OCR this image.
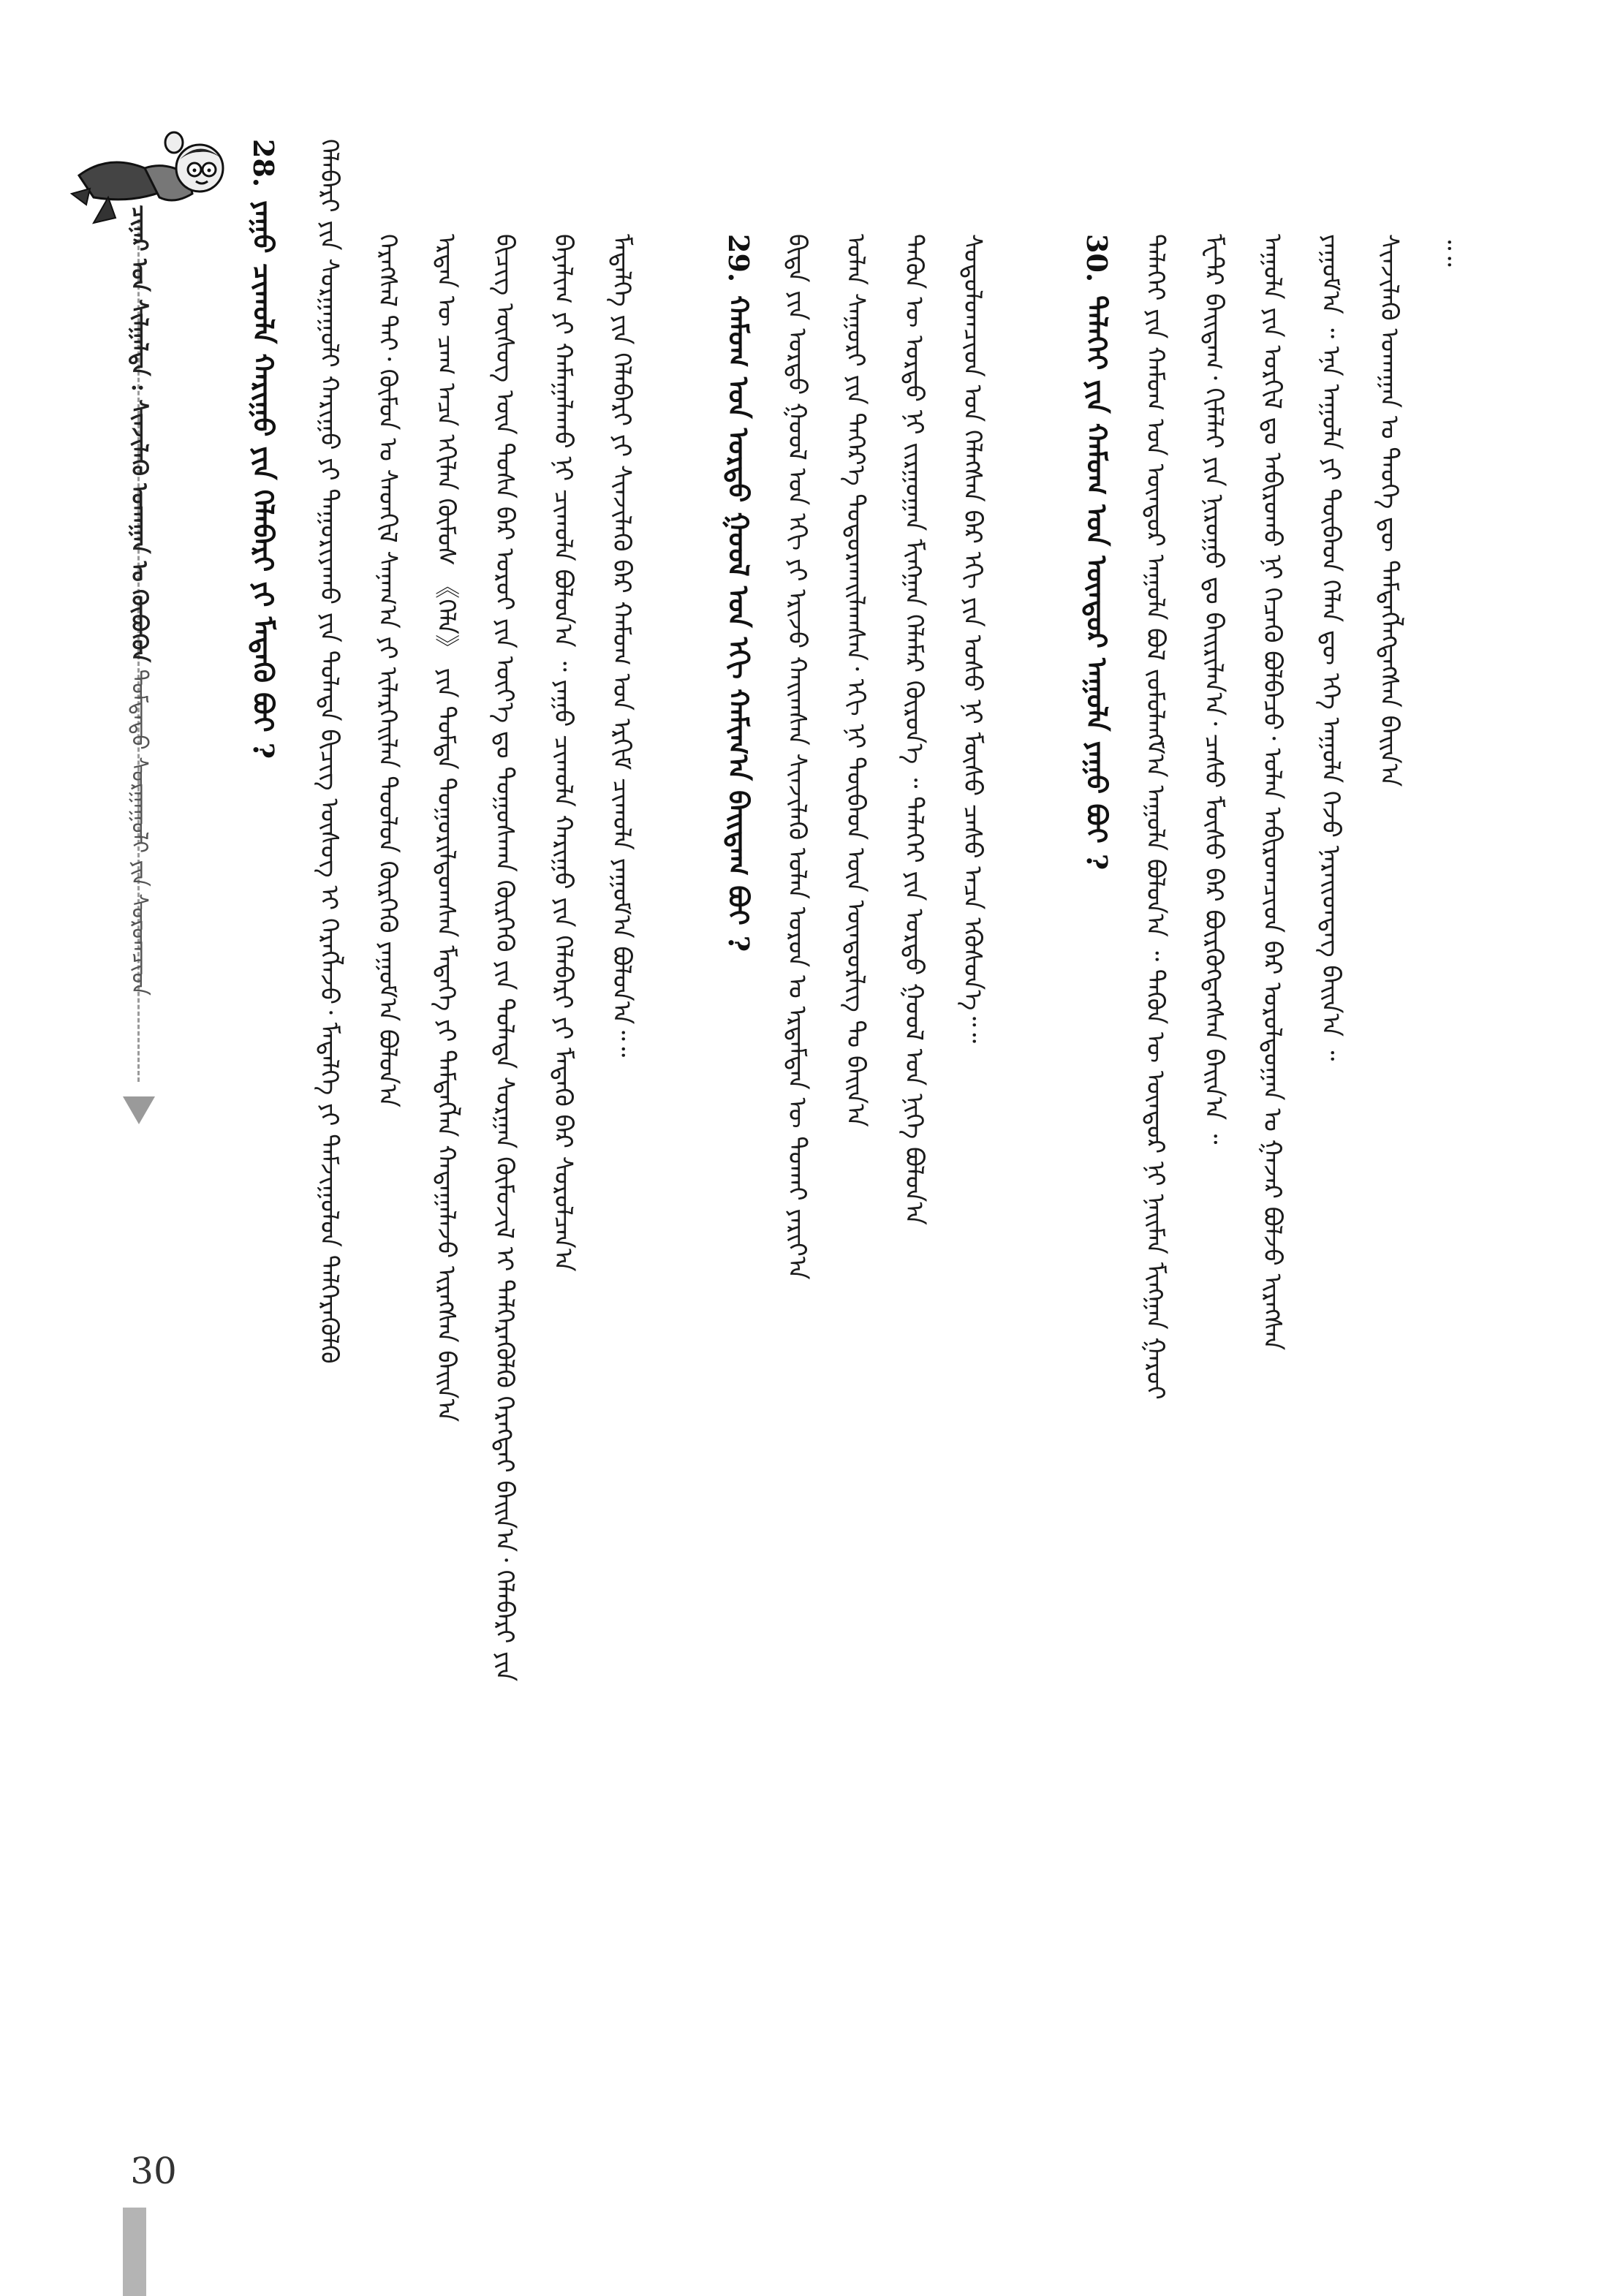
ᠴᠢᠨᠠᠷ ᠤᠨ ᠰᠢᠯᠭᠠᠯᠲᠠ : ᠰᠢᠨᠵᠢᠯᠡᠬᠦ ᠤᠬᠠᠭᠠᠨ ᠤ ᠬᠥᠪᠦᠭᠦᠨ ᠳᠤᠮᠳᠠᠳᠤ ᠰᠤᠷᠭᠠᠭᠤᠯᠢ ᠶᠢᠨ ᠰᠤᠷᠤᠭᠴᠢᠳ
28.ᠶᠠᠭᠤ ᠴᠢᠬᠤᠯᠠ ᠬᠠᠷᠢᠭᠤ ᠶᠢᠨ ᠬᠡᠯᠡᠪᠡᠷᠢ ᠶᠢ ᠮᠡᠳᠡᠬᠦ ᠪᠤᠢ? ᠬᠡᠯᠡᠪᠡᠷᠢ ᠶᠢᠨ ᠰᠤᠷᠭᠠᠭᠤᠯᠢ ᠬᠠᠷᠢᠭᠤ ᠶᠢ ᠳᠠᠭᠤᠷᠢᠶᠠᠬᠤ ᠶᠢᠨ ᠲᠤᠯᠠᠳᠠ ᠪᠢᠴᠢᠭ ᠦᠰᠦᠭ ᠢ ᠬᠡᠷᠡᠭᠯᠡᠵᠦ᠂ ᠮᠡᠳᠡᠯᠭᠡ ᠶᠢ ᠳᠠᠮᠵᠢᠭᠤᠯᠤᠨ ᠳᠡᠯᠭᠡᠷᠡᠭᠦᠯᠬᠦ ᠬᠡᠷᠡᠭᠰᠡᠯ ᠲᠠᠢ᠂ ᠬᠦᠮᠦᠨ ᠤ ᠰᠡᠳᠬᠢᠯ ᠰᠠᠨᠠᠭ᠎ᠠ ᠶᠢ ᠢᠯᠡᠷᠬᠡᠢᠯᠡᠨ ᠲᠤᠤᠯᠤᠨ ᠬᠦᠷᠭᠡᠬᠦ ᠶᠠᠭᠤᠮ᠎ᠠ ᠪᠤᠯᠤᠨ᠎ᠠ ᠡᠷᠲᠡᠨ ᠦ ᠴᠠᠭ ᠠᠴᠠ ᠡᠬᠢᠯᠡᠨ ᠬᠦᠮᠦᠰ 《ᠬᠡᠯᠡ》 ᠶᠢᠨ ᠳᠤᠮᠳᠠ ᠲᠤᠭᠤᠷᠢᠯᠳᠤᠭᠰᠠᠨ ᠮᠡᠳᠡᠭᠡ ᠶᠢ ᠲᠡᠮᠳᠡᠭᠯᠡᠨ ᠬᠠᠳᠠᠭᠠᠯᠠᠵᠤ ᠢᠷᠡᠭᠰᠡᠨ ᠪᠠᠢᠨ᠎ᠠ ᠪᠢᠴᠢᠭ᠌ ᠦᠰᠦᠭ ᠦᠨ ᠲᠤᠰᠠ ᠪᠠᠷ ᠤᠷᠤᠢ ᠶᠢᠨ ᠦᠶ᠎ᠡ ᠳᠤ ᠲᠤᠭᠤᠰᠬᠠᠨ ᠬᠦᠷᠭᠡᠬᠦ ᠶᠢᠨ ᠲᠤᠯᠠᠳᠠ ᠰᠤᠷᠭᠠᠨ ᠬᠦᠮᠦᠵᠢᠯ ᠢ ᠳᠡᠯᠭᠡᠷᠡᠭᠦᠯᠬᠦ ᠬᠡᠷᠡᠭᠲᠡᠢ ᠪᠠᠢᠨ᠎ᠠ᠂ ᠬᠡᠯᠡᠪᠡᠷᠢ ᠶᠢᠨ ᠪᠠᠶᠠᠯᠢᠭ ᠶᠢ ᠬᠠᠮᠠᠭᠠᠯᠠᠬᠤ ᠨᠢ ᠴᠢᠬᠤᠯᠠ ᠪᠣᠯᠤᠨ᠎ᠠ ᠃ ᠶᠠᠭᠤ ᠴᠢᠬᠤᠯᠠ ᠬᠠᠷᠢᠭᠤ ᠶᠢᠨ ᠬᠡᠯᠡᠪᠡᠷᠢ ᠶᠢ ᠮᠡᠳᠡᠬᠦ ᠪᠡᠷ ᠰᠤᠷᠤᠯᠴᠠᠨ᠎ᠠ ᠮᠡᠳᠡᠯᠭᠡ ᠶᠢᠨ ᠬᠡᠯᠡᠪᠡᠷᠢ ᠶᠢ ᠰᠢᠨᠵᠢᠯᠡᠬᠦ ᠪᠡᠷ ᠬᠠᠮᠤᠭ ᠤᠨ ᠡᠷᠬᠢᠮ ᠴᠢᠬᠤᠯᠠ ᠶᠠᠭᠤᠮ᠎ᠠ ᠪᠤᠯᠤᠨ᠎ᠠ᠃᠃	29.ᠬᠠᠮᠤᠭ ᠤᠨ ᠤᠷᠲᠤ ᠭᠣᠣᠯ ᠤᠨ ᠡᠬᠢ ᠬᠠᠮᠢᠭ᠎ᠠ ᠪᠠᠢᠳᠠᠭ ᠪᠤᠢ? ᠪᠢᠳᠡ ᠶᠢᠨ ᠤᠷᠲᠤ ᠭᠣᠣᠯ ᠤᠨ ᠡᠬᠢ ᠶᠢ ᠡᠷᠢᠵᠦ ᠬᠠᠢᠭᠰᠠᠨ ᠰᠢᠨᠵᠢᠯᠡᠬᠦ ᠣᠯᠠᠨ ᠣᠷᠤᠨ ᠤ ᠡᠷᠳᠡᠮᠲᠡᠨ ᠦ ᠲᠤᠬᠠᠢ ᠶᠠᠷᠢᠶ᠎ᠠ ᠣᠯᠠᠨ ᠰᠠᠭᠤᠷᠢ ᠶᠢᠨ ᠳᠡᠭᠡᠷ᠎ᠡ ᠲᠣᠳᠣᠷᠬᠠᠢᠯᠠᠭᠰᠠᠨ᠂ ᠡᠬᠢ ᠨᠢ ᠲᠦᠪᠡᠳ ᠦᠨ ᠥᠨᠳᠦᠷᠯᠢᠭ ᠲᠤ ᠪᠠᠢᠨ᠎ᠠ ᠲᠡᠭᠦᠨ ᠦ ᠤᠷᠲᠤ ᠨᠢ ᠵᠢᠷᠭᠤᠭᠠᠨ ᠮᠢᠩᠭᠠᠨ ᠬᠡᠯᠡᠮᠡᠷ ᠬᠦᠷᠦᠨ᠎ᠡ ᠃ ᠳᠡᠯᠡᠬᠡᠢ ᠶᠢᠨ ᠤᠷᠲᠤ ᠭᠣᠣᠯ ᠤᠨ ᠨᠢᠭᠡ ᠪᠣᠯᠤᠨ᠎ᠠ ᠰᠤᠳᠤᠯᠤᠭᠴᠢᠳ ᠤᠨ ᠬᠡᠯᠡᠭᠰᠡᠨ ᠪᠡᠷ ᠡᠬᠢ ᠶᠢᠨ ᠤᠰᠤ ᠨᠢ ᠮᠥᠰᠦ ᠴᠠᠰᠤ ᠠᠴᠠ ᠡᠭᠦᠰᠦᠨ᠎ᠡ᠃᠃	30.ᠳᠡᠯᠡᠬᠡᠢ ᠶᠢᠨ ᠬᠠᠮᠤᠭ ᠤᠨ ᠥᠨᠳᠦᠷ ᠠᠭᠤᠯᠠ ᠶᠠᠭᠤ ᠪᠤᠢ? ᠳᠡᠯᠡᠬᠡᠢ ᠶᠢᠨ ᠬᠠᠮᠤᠭ ᠤᠨ ᠥᠨᠳᠦᠷ ᠠᠭᠤᠯᠠ ᠪᠣᠯ ᠵᠣᠮᠣᠯᠠᠩᠮ᠎ᠠ ᠠᠭᠤᠯᠠ ᠪᠣᠯᠤᠨ᠎ᠠ ᠃ ᠲᠡᠭᠦᠨ ᠦ ᠥᠨᠳᠦᠷ ᠨᠢ ᠨᠠᠢᠮᠠᠨ ᠮᠢᠩᠭᠠᠨ ᠭᠠᠷᠤᠢ ᠮᠧᠲ᠋ᠷ ᠪᠠᠢᠳᠠᠭ᠂ ᠬᠢᠮᠠᠯᠠᠢ ᠶᠢᠨ ᠨᠢᠷᠤᠭᠤ ᠳᠤ ᠪᠠᠢᠷᠢᠯᠠᠨ᠎ᠠ᠂ ᠴᠠᠰᠤ ᠮᠥᠰᠦ ᠪᠡᠷ ᠪᠦᠷᠬᠦᠭᠳᠡᠭᠰᠡᠨ ᠪᠠᠢᠨ᠎ᠠ ᠃ ᠠᠭᠤᠯᠠ ᠶᠢᠨ ᠣᠷᠭᠢᠯ ᠳᠤ ᠠᠪᠢᠷᠤᠬᠤ ᠨᠢ ᠬᠡᠴᠡᠭᠦ ᠪᠣᠯᠪᠠᠴᠤ᠂ ᠣᠯᠠᠨ ᠠᠪᠢᠷᠤᠭᠴᠢᠳ ᠪᠠᠷ ᠤᠷᠤᠯᠳᠤᠭᠠᠨ ᠤ ᠭᠠᠵᠠᠷ ᠪᠣᠯᠵᠤ ᠢᠷᠡᠭᠰᠡᠨ ᠶᠠᠭᠤᠮ᠎ᠠ ᠃ ᠡᠨᠡ ᠠᠭᠤᠯᠠ ᠶᠢ ᠲᠥᠪᠡᠳ ᠬᠡᠯᠡᠨ ᠳᠦ ᠡᠬᠡ ᠠᠭᠤᠯᠠ ᠭᠡᠵᠦ ᠨᠡᠷᠡᠢᠳᠳᠡᠭ ᠪᠠᠢᠨ᠎ᠠ ᠃ ᠰᠢᠨᠵᠢᠯᠡᠬᠦ ᠤᠬᠠᠭᠠᠨ ᠤ ᠲᠡᠦᠬᠡ ᠳᠦ ᠲᠡᠮᠳᠡᠭᠯᠡᠭᠳᠡᠭᠰᠡᠨ ᠪᠠᠢᠨ᠎ᠠ ᠃᠃
30
